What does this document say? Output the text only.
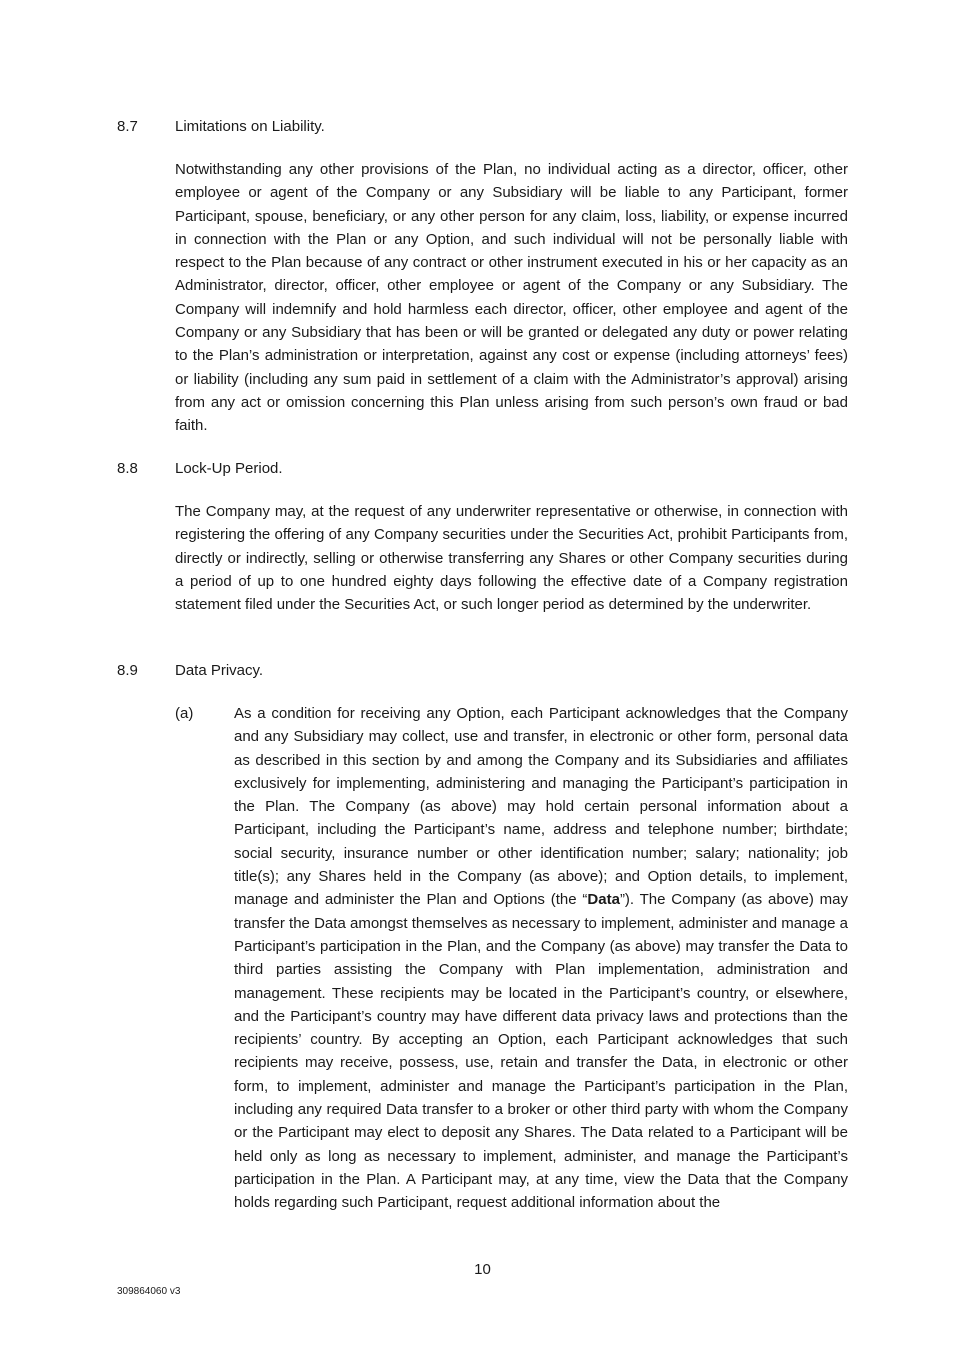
8.7 Limitations on Liability.
Notwithstanding any other provisions of the Plan, no individual acting as a director, officer, other employee or agent of the Company or any Subsidiary will be liable to any Participant, former Participant, spouse, beneficiary, or any other person for any claim, loss, liability, or expense incurred in connection with the Plan or any Option, and such individual will not be personally liable with respect to the Plan because of any contract or other instrument executed in his or her capacity as an Administrator, director, officer, other employee or agent of the Company or any Subsidiary. The Company will indemnify and hold harmless each director, officer, other employee and agent of the Company or any Subsidiary that has been or will be granted or delegated any duty or power relating to the Plan’s administration or interpretation, against any cost or expense (including attorneys’ fees) or liability (including any sum paid in settlement of a claim with the Administrator’s approval) arising from any act or omission concerning this Plan unless arising from such person’s own fraud or bad faith.
8.8 Lock-Up Period.
The Company may, at the request of any underwriter representative or otherwise, in connection with registering the offering of any Company securities under the Securities Act, prohibit Participants from, directly or indirectly, selling or otherwise transferring any Shares or other Company securities during a period of up to one hundred eighty days following the effective date of a Company registration statement filed under the Securities Act, or such longer period as determined by the underwriter.
8.9 Data Privacy.
(a)	As a condition for receiving any Option, each Participant acknowledges that the Company and any Subsidiary may collect, use and transfer, in electronic or other form, personal data as described in this section by and among the Company and its Subsidiaries and affiliates exclusively for implementing, administering and managing the Participant’s participation in the Plan. The Company (as above) may hold certain personal information about a Participant, including the Participant’s name, address and telephone number; birthdate; social security, insurance number or other identification number; salary; nationality; job title(s); any Shares held in the Company (as above); and Option details, to implement, manage and administer the Plan and Options (the “Data”). The Company (as above) may transfer the Data amongst themselves as necessary to implement, administer and manage a Participant’s participation in the Plan, and the Company (as above) may transfer the Data to third parties assisting the Company with Plan implementation, administration and management. These recipients may be located in the Participant’s country, or elsewhere, and the Participant’s country may have different data privacy laws and protections than the recipients’ country. By accepting an Option, each Participant acknowledges that such recipients may receive, possess, use, retain and transfer the Data, in electronic or other form, to implement, administer and manage the Participant’s participation in the Plan, including any required Data transfer to a broker or other third party with whom the Company or the Participant may elect to deposit any Shares. The Data related to a Participant will be held only as long as necessary to implement, administer, and manage the Participant’s participation in the Plan. A Participant may, at any time, view the Data that the Company holds regarding such Participant, request additional information about the
10
309864060 v3
